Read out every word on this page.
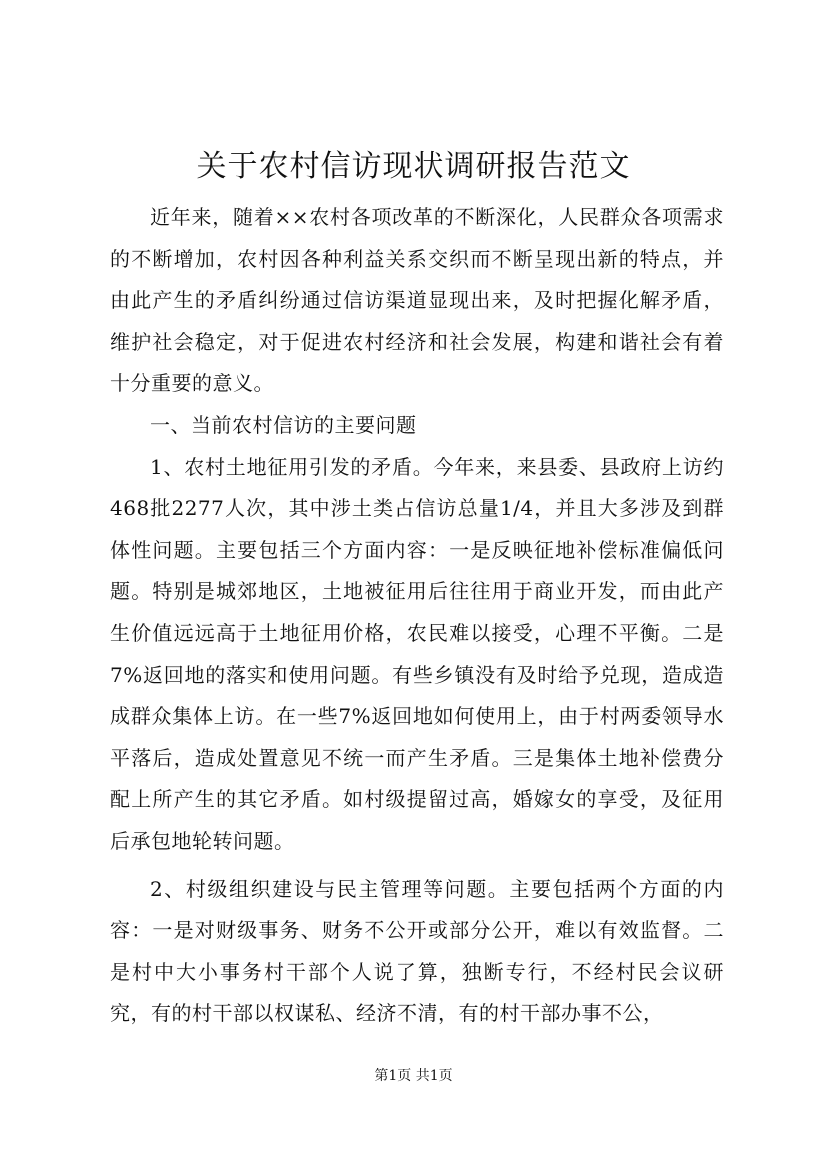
关于农村信访现状调研报告范文

近年来，随着××农村各项改革的不断深化，人民群众各项需求的不断增加，农村因各种利益关系交织而不断呈现出新的特点，并由此产生的矛盾纠纷通过信访渠道显现出来，及时把握化解矛盾，维护社会稳定，对于促进农村经济和社会发展，构建和谐社会有着十分重要的意义。

一、当前农村信访的主要问题

1、农村土地征用引发的矛盾。今年来，来县委、县政府上访约468批2277人次，其中涉土类占信访总量1/4，并且大多涉及到群体性问题。主要包括三个方面内容：一是反映征地补偿标准偏低问题。特别是城郊地区，土地被征用后往往用于商业开发，而由此产生价值远远高于土地征用价格，农民难以接受，心理不平衡。二是7%返回地的落实和使用问题。有些乡镇没有及时给予兑现，造成造成群众集体上访。在一些7%返回地如何使用上，由于村两委领导水平落后，造成处置意见不统一而产生矛盾。三是集体土地补偿费分配上所产生的其它矛盾。如村级提留过高，婚嫁女的享受，及征用后承包地轮转问题。

2、村级组织建设与民主管理等问题。主要包括两个方面的内容：一是对财级事务、财务不公开或部分公开，难以有效监督。二是村中大小事务村干部个人说了算，独断专行，不经村民会议研究，有的村干部以权谋私、经济不清，有的村干部办事不公，

第1页 共1页
